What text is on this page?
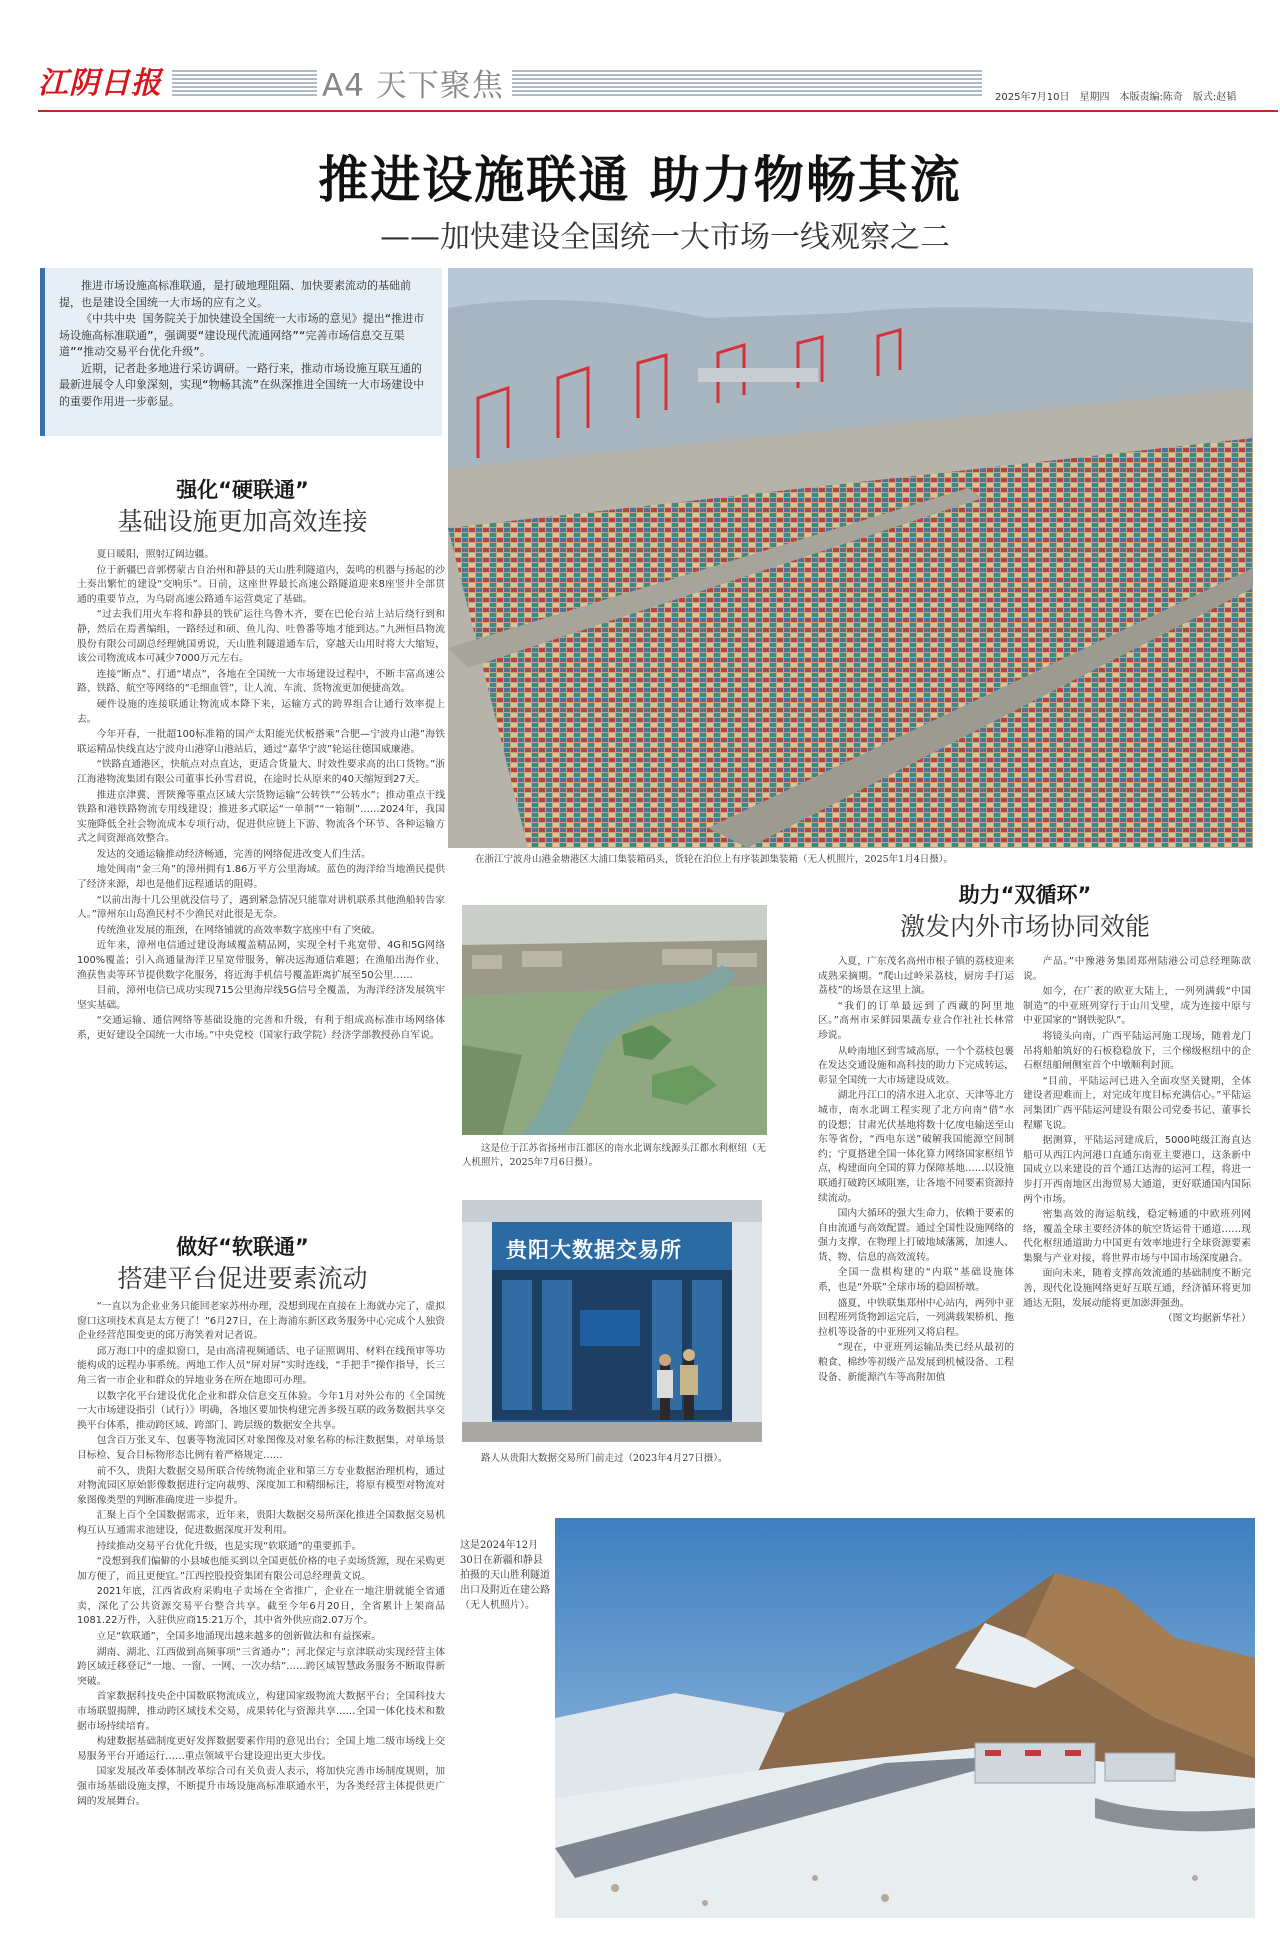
江阴日报	A4 天下聚焦	2025年7月10日　星期四　本版责编:陈奇　版式:赵韬
推进设施联通 助力物畅其流
——加快建设全国统一大市场一线观察之二

推进市场设施高标准联通，是打破地理阻隔、加快要素流动的基础前提，也是建设全国统一大市场的应有之义。

《中共中央 国务院关于加快建设全国统一大市场的意见》提出“推进市场设施高标准联通”，强调要“建设现代流通网络”“完善市场信息交互渠道”“推动交易平台优化升级”。

近期，记者赴多地进行采访调研。一路行来，推动市场设施互联互通的最新进展令人印象深刻，实现“物畅其流”在纵深推进全国统一大市场建设中的重要作用进一步彰显。

在浙江宁波舟山港金塘港区大浦口集装箱码头，货轮在泊位上有序装卸集装箱（无人机照片，2025年1月4日摄）。
强化“硬联通”
基础设施更加高效连接

夏日暖阳，照射辽阔边疆。

位于新疆巴音郭楞蒙古自治州和静县的天山胜利隧道内，轰鸣的机器与扬起的沙土奏出繁忙的建设“交响乐”。日前，这座世界最长高速公路隧道迎来8座竖井全部贯通的重要节点，为乌尉高速公路通车运营奠定了基础。

“过去我们用火车将和静县的铁矿运往乌鲁木齐，要在巴伦台站上站后绕行到和静，然后在焉耆编组，一路经过和硕、鱼儿沟、吐鲁番等地才能到达。”九洲恒昌物流股份有限公司副总经理姚国勇说，天山胜利隧道通车后，穿越天山用时将大大缩短，该公司物流成本可减少7000万元左右。

连接“断点”、打通“堵点”，各地在全国统一大市场建设过程中，不断丰富高速公路、铁路、航空等网络的“毛细血管”，让人流、车流、货物流更加便捷高效。

硬件设施的连接联通让物流成本降下来，运输方式的跨界组合让通行效率提上去。

今年开春，一批超100标准箱的国产太阳能光伏板搭乘“合肥—宁波舟山港”海铁联运精品快线直达宁波舟山港穿山港站后，通过“嘉华宁波”轮运往德国威廉港。

“铁路直通港区，快航点对点直达，更适合货量大、时效性要求高的出口货物。”浙江海港物流集团有限公司董事长孙雪君说，在途时长从原来的40天缩短到27天。

推进京津冀、晋陕豫等重点区域大宗货物运输“公转铁”“公转水”；推动重点干线铁路和港铁路物流专用线建设；推进多式联运“一单制”“一箱制”……2024年，我国实施降低全社会物流成本专项行动，促进供应链上下游、物流各个环节、各种运输方式之间资源高效整合。

发达的交通运输推动经济畅通，完善的网络促进改变人们生活。

地处闽南“金三角”的漳州拥有1.86万平方公里海域。蓝色的海洋给当地渔民提供了经济来源，却也是他们远程通话的阻碍。

“以前出海十几公里就没信号了，遇到紧急情况只能靠对讲机联系其他渔船转告家人。”漳州东山岛渔民村不少渔民对此很是无奈。

传统渔业发展的瓶颈，在网络铺就的高效率数字底座中有了突破。

近年来，漳州电信通过建设海域覆盖精品网，实现全村千兆宽带、4G和5G网络100%覆盖；引入高通量海洋卫星宽带服务，解决远海通信难题；在渔船出海作业、渔获售卖等环节提供数字化服务，将近海手机信号覆盖距离扩展至50公里……

目前，漳州电信已成功实现715公里海岸线5G信号全覆盖，为海洋经济发展筑牢坚实基础。

“交通运输、通信网络等基础设施的完善和升级，有利于组成高标准市场网络体系，更好建设全国统一大市场。”中央党校（国家行政学院）经济学部教授孙自军说。

这是位于江苏省扬州市江都区的南水北调东线源头江都水利枢纽（无人机照片，2025年7月6日摄）。
助力“双循环”
激发内外市场协同效能

入夏，广东茂名高州市根子镇的荔枝迎来成熟采摘期。“爬山过岭采荔枝，厨房手打运荔枝”的场景在这里上演。

“我们的订单最远到了西藏的阿里地区。”高州市采鲜园果蔬专业合作社社长林常珍说。

从岭南地区到雪域高原，一个个荔枝包裹在发达交通设施和高科技的助力下完成转运，彰显全国统一大市场建设成效。

湖北丹江口的清水进入北京、天津等北方城市，南水北调工程实现了北方向南“借”水的设想；甘肃光伏基地将数十亿度电输送至山东等省份，“西电东送”破解我国能源空间制约；宁夏搭建全国一体化算力网络国家枢纽节点，构建面向全国的算力保障基地……以设施联通打破跨区域阻塞，让各地不同要素资源持续流动。

国内大循环的强大生命力，依赖于要素的自由流通与高效配置。通过全国性设施网络的强力支撑，在物理上打破地域藩篱，加速人、货、物、信息的高效流转。

全国一盘棋构建的“内联”基础设施体系，也是“外联”全球市场的稳固桥墩。

盛夏，中铁联集郑州中心站内，两列中亚回程班列货物卸运完后，一列满载架桥机、拖拉机等设备的中亚班列又将启程。

“现在，中亚班列运输品类已经从最初的粮食、棉纱等初级产品发展到机械设备、工程设备、新能源汽车等高附加值

产品。”中豫港务集团郑州陆港公司总经理陈歆说。

如今，在广袤的欧亚大陆上，一列列满载“中国制造”的中亚班列穿行于山川戈壁，成为连接中原与中亚国家的“钢铁驼队”。

将镜头向南，广西平陆运河施工现场，随着龙门吊将船舶筑好的石板稳稳放下，三个梯级枢纽中的企石枢纽船闸侧室首个中墩顺利封顶。

“目前，平陆运河已进入全面攻坚关键期，全体建设者迎难而上，对完成年度目标充满信心。”平陆运河集团广西平陆运河建设有限公司党委书记、董事长程耀飞说。

据测算，平陆运河建成后，5000吨级江海直达船可从西江内河港口直通东南亚主要港口，这条新中国成立以来建设的首个通江达海的运河工程，将进一步打开西南地区出海贸易大通道，更好联通国内国际两个市场。

密集高效的海运航线，稳定畅通的中欧班列网络，覆盖全球主要经济体的航空货运骨干通道……现代化枢纽通道助力中国更有效率地进行全球资源要素集聚与产业对接，将世界市场与中国市场深度融合。

面向未来，随着支撑高效流通的基础制度不断完善，现代化设施网络更好互联互通，经济循环将更加通达无阻，发展动能将更加澎湃强劲。

（图文均据新华社）
贵阳大数据交易所
路人从贵阳大数据交易所门前走过（2023年4月27日摄）。
做好“软联通”
搭建平台促进要素流动

“一直以为企业业务只能回老家苏州办理，没想到现在直接在上海就办完了，虚拟窗口这项技术真是太方便了！”6月27日，在上海浦东新区政务服务中心完成个人独资企业经营范围变更的邱万海笑着对记者说。

邱万海口中的虚拟窗口，是由高清视频通话、电子证照调用、材料在线预审等功能构成的远程办事系统。两地工作人员“屏对屏”实时连线，“手把手”操作指导，长三角三省一市企业和群众的异地业务在所在地即可办理。

以数字化平台建设优化企业和群众信息交互体验。今年1月对外公布的《全国统一大市场建设指引（试行）》明确，各地区要加快构建完善多级互联的政务数据共享交换平台体系，推动跨区域、跨部门、跨层级的数据安全共享。

包含百万张叉车、包裹等物流园区对象图像及对象名称的标注数据集，对单场景目标检、复合目标物形态比例有着严格规定……

前不久，贵阳大数据交易所联合传统物流企业和第三方专业数据治理机构，通过对物流园区原始影像数据进行定向裁剪、深度加工和精细标注，将原有模型对物流对象图像类型的判断准确度进一步提升。

汇聚上百个全国数据需求，近年来，贵阳大数据交易所深化推进全国数据交易机构互认互通需求池建设，促进数据深度开发利用。

持续推动交易平台优化升级，也是实现“软联通”的重要抓手。

“没想到我们偏僻的小县城也能买到以全国更低价格的电子卖场货源，现在采购更加方便了，而且更便宜。”江西控股投资集团有限公司总经理黄文说。

2021年底，江西省政府采购电子卖场在全省推广，企业在一地注册就能全省通卖，深化了公共资源交易平台整合共享。截至今年6月20日，全省累计上架商品1081.22万件，入驻供应商15.21万个，其中省外供应商2.07万个。

立足“软联通”，全国多地涌现出越来越多的创新做法和有益探索。

湖南、湖北、江西做到高频事项“三省通办”；河北保定与京津联动实现经营主体跨区域迁移登记“一地、一窗、一网、一次办结”……跨区域智慧政务服务不断取得新突破。

首家数据科技央企中国数联物流成立，构建国家级物流大数据平台；全国科技大市场联盟揭牌，推动跨区域技术交易，成果转化与资源共享……全国一体化技术和数据市场持续培育。

构建数据基础制度更好发挥数据要素作用的意见出台；全国上地二级市场线上交易服务平台开通运行……重点领域平台建设迎出更大步伐。

国家发展改革委体制改革综合司有关负责人表示，将加快完善市场制度规则，加强市场基础设施支撑，不断提升市场设施高标准联通水平，为各类经营主体提供更广阔的发展舞台。

这是2024年12月30日在新疆和静县拍摄的天山胜利隧道出口及附近在建公路（无人机照片）。
